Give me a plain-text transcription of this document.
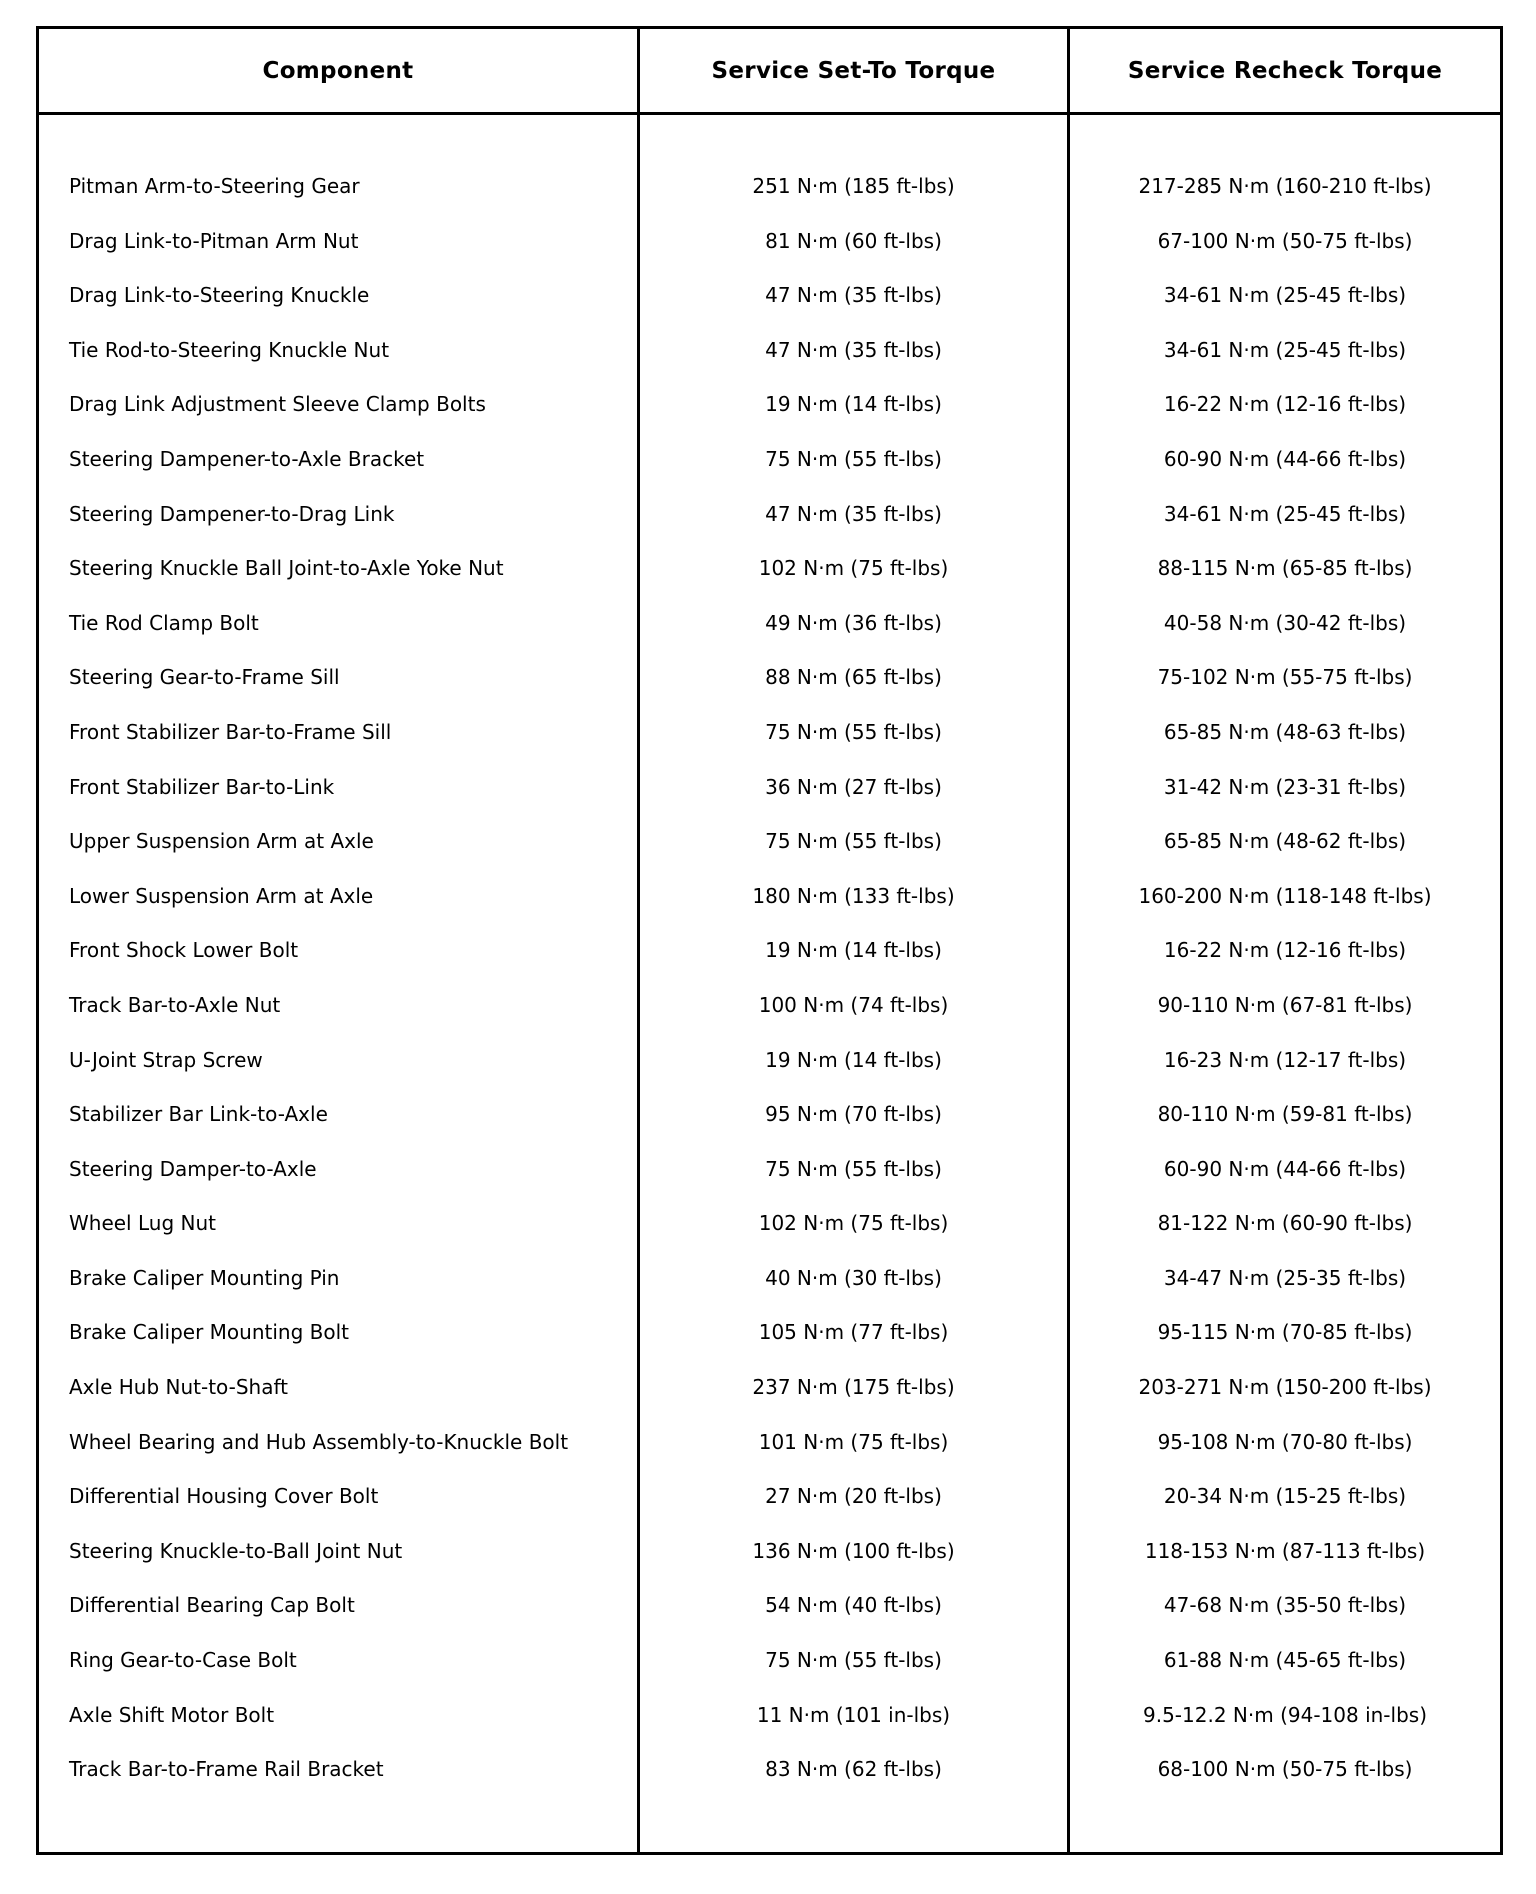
Component	Service Set-To Torque	Service Recheck Torque
Pitman Arm-to-Steering Gear	251 N·m (185 ft-lbs)	217-285 N·m (160-210 ft-lbs)
Drag Link-to-Pitman Arm Nut	81 N·m (60 ft-lbs)	67-100 N·m (50-75 ft-lbs)
Drag Link-to-Steering Knuckle	47 N·m (35 ft-lbs)	34-61 N·m (25-45 ft-lbs)
Tie Rod-to-Steering Knuckle Nut	47 N·m (35 ft-lbs)	34-61 N·m (25-45 ft-lbs)
Drag Link Adjustment Sleeve Clamp Bolts	19 N·m (14 ft-lbs)	16-22 N·m (12-16 ft-lbs)
Steering Dampener-to-Axle Bracket	75 N·m (55 ft-lbs)	60-90 N·m (44-66 ft-lbs)
Steering Dampener-to-Drag Link	47 N·m (35 ft-lbs)	34-61 N·m (25-45 ft-lbs)
Steering Knuckle Ball Joint-to-Axle Yoke Nut	102 N·m (75 ft-lbs)	88-115 N·m (65-85 ft-lbs)
Tie Rod Clamp Bolt	49 N·m (36 ft-lbs)	40-58 N·m (30-42 ft-lbs)
Steering Gear-to-Frame Sill	88 N·m (65 ft-lbs)	75-102 N·m (55-75 ft-lbs)
Front Stabilizer Bar-to-Frame Sill	75 N·m (55 ft-lbs)	65-85 N·m (48-63 ft-lbs)
Front Stabilizer Bar-to-Link	36 N·m (27 ft-lbs)	31-42 N·m (23-31 ft-lbs)
Upper Suspension Arm at Axle	75 N·m (55 ft-lbs)	65-85 N·m (48-62 ft-lbs)
Lower Suspension Arm at Axle	180 N·m (133 ft-lbs)	160-200 N·m (118-148 ft-lbs)
Front Shock Lower Bolt	19 N·m (14 ft-lbs)	16-22 N·m (12-16 ft-lbs)
Track Bar-to-Axle Nut	100 N·m (74 ft-lbs)	90-110 N·m (67-81 ft-lbs)
U-Joint Strap Screw	19 N·m (14 ft-lbs)	16-23 N·m (12-17 ft-lbs)
Stabilizer Bar Link-to-Axle	95 N·m (70 ft-lbs)	80-110 N·m (59-81 ft-lbs)
Steering Damper-to-Axle	75 N·m (55 ft-lbs)	60-90 N·m (44-66 ft-lbs)
Wheel Lug Nut	102 N·m (75 ft-lbs)	81-122 N·m (60-90 ft-lbs)
Brake Caliper Mounting Pin	40 N·m (30 ft-lbs)	34-47 N·m (25-35 ft-lbs)
Brake Caliper Mounting Bolt	105 N·m (77 ft-lbs)	95-115 N·m (70-85 ft-lbs)
Axle Hub Nut-to-Shaft	237 N·m (175 ft-lbs)	203-271 N·m (150-200 ft-lbs)
Wheel Bearing and Hub Assembly-to-Knuckle Bolt	101 N·m (75 ft-lbs)	95-108 N·m (70-80 ft-lbs)
Differential Housing Cover Bolt	27 N·m (20 ft-lbs)	20-34 N·m (15-25 ft-lbs)
Steering Knuckle-to-Ball Joint Nut	136 N·m (100 ft-lbs)	118-153 N·m (87-113 ft-lbs)
Differential Bearing Cap Bolt	54 N·m (40 ft-lbs)	47-68 N·m (35-50 ft-lbs)
Ring Gear-to-Case Bolt	75 N·m (55 ft-lbs)	61-88 N·m (45-65 ft-lbs)
Axle Shift Motor Bolt	11 N·m (101 in-lbs)	9.5-12.2 N·m (94-108 in-lbs)
Track Bar-to-Frame Rail Bracket	83 N·m (62 ft-lbs)	68-100 N·m (50-75 ft-lbs)
